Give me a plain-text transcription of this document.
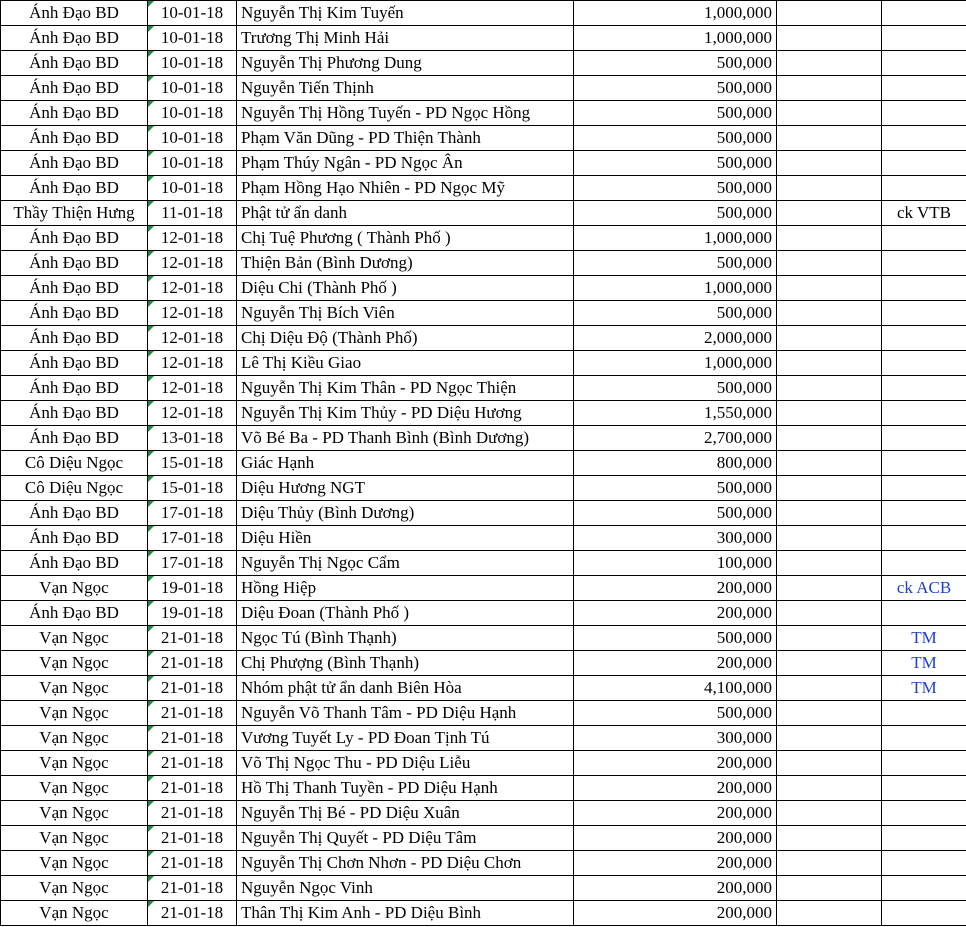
Ánh Đạo BD	10-01-18	Nguyễn Thị Kim Tuyến	1,000,000		
Ánh Đạo BD	10-01-18	Trương Thị Minh Hải	1,000,000		
Ánh Đạo BD	10-01-18	Nguyễn Thị Phương Dung	500,000		
Ánh Đạo BD	10-01-18	Nguyễn Tiến Thịnh	500,000		
Ánh Đạo BD	10-01-18	Nguyễn Thị Hồng Tuyến - PD Ngọc Hồng	500,000		
Ánh Đạo BD	10-01-18	Phạm Văn Dũng - PD Thiện Thành	500,000		
Ánh Đạo BD	10-01-18	Phạm Thúy Ngân - PD Ngọc Ân	500,000		
Ánh Đạo BD	10-01-18	Phạm Hồng Hạo Nhiên - PD Ngọc Mỹ	500,000		
Thầy Thiện Hưng	11-01-18	Phật tử ẩn danh	500,000		ck VTB
Ánh Đạo BD	12-01-18	Chị Tuệ Phương ( Thành Phố )	1,000,000		
Ánh Đạo BD	12-01-18	Thiện Bản (Bình Dương)	500,000		
Ánh Đạo BD	12-01-18	Diệu Chi (Thành Phố )	1,000,000		
Ánh Đạo BD	12-01-18	Nguyễn Thị Bích Viên	500,000		
Ánh Đạo BD	12-01-18	Chị Diệu Độ (Thành Phố)	2,000,000		
Ánh Đạo BD	12-01-18	Lê Thị Kiều Giao	1,000,000		
Ánh Đạo BD	12-01-18	Nguyễn Thị Kim Thân - PD Ngọc Thiện	500,000		
Ánh Đạo BD	12-01-18	Nguyễn Thị Kim Thủy - PD Diệu Hương	1,550,000		
Ánh Đạo BD	13-01-18	Võ Bé Ba - PD Thanh Bình (Bình Dương)	2,700,000		
Cô Diệu Ngọc	15-01-18	Giác Hạnh	800,000		
Cô Diệu Ngọc	15-01-18	Diệu Hương NGT	500,000		
Ánh Đạo BD	17-01-18	Diệu Thủy (Bình Dương)	500,000		
Ánh Đạo BD	17-01-18	Diệu Hiền	300,000		
Ánh Đạo BD	17-01-18	Nguyễn Thị Ngọc Cẩm	100,000		
Vạn Ngọc	19-01-18	Hồng Hiệp	200,000		ck ACB
Ánh Đạo BD	19-01-18	Diệu Đoan (Thành Phố )	200,000		
Vạn Ngọc	21-01-18	Ngọc Tú (Bình Thạnh)	500,000		TM
Vạn Ngọc	21-01-18	Chị Phượng (Bình Thạnh)	200,000		TM
Vạn Ngọc	21-01-18	Nhóm phật tử ẩn danh Biên Hòa	4,100,000		TM
Vạn Ngọc	21-01-18	Nguyễn Võ Thanh Tâm - PD Diệu Hạnh	500,000		
Vạn Ngọc	21-01-18	Vương Tuyết Ly - PD Đoan Tịnh Tú	300,000		
Vạn Ngọc	21-01-18	Võ Thị Ngọc Thu - PD Diệu Liễu	200,000		
Vạn Ngọc	21-01-18	Hồ Thị Thanh Tuyền - PD Diệu Hạnh	200,000		
Vạn Ngọc	21-01-18	Nguyễn Thị Bé - PD Diệu Xuân	200,000		
Vạn Ngọc	21-01-18	Nguyễn Thị Quyết - PD Diệu Tâm	200,000		
Vạn Ngọc	21-01-18	Nguyễn Thị Chơn Nhơn - PD Diệu Chơn	200,000		
Vạn Ngọc	21-01-18	Nguyễn Ngọc Vinh	200,000		
Vạn Ngọc	21-01-18	Thân Thị Kim Anh - PD Diệu Bình	200,000		
